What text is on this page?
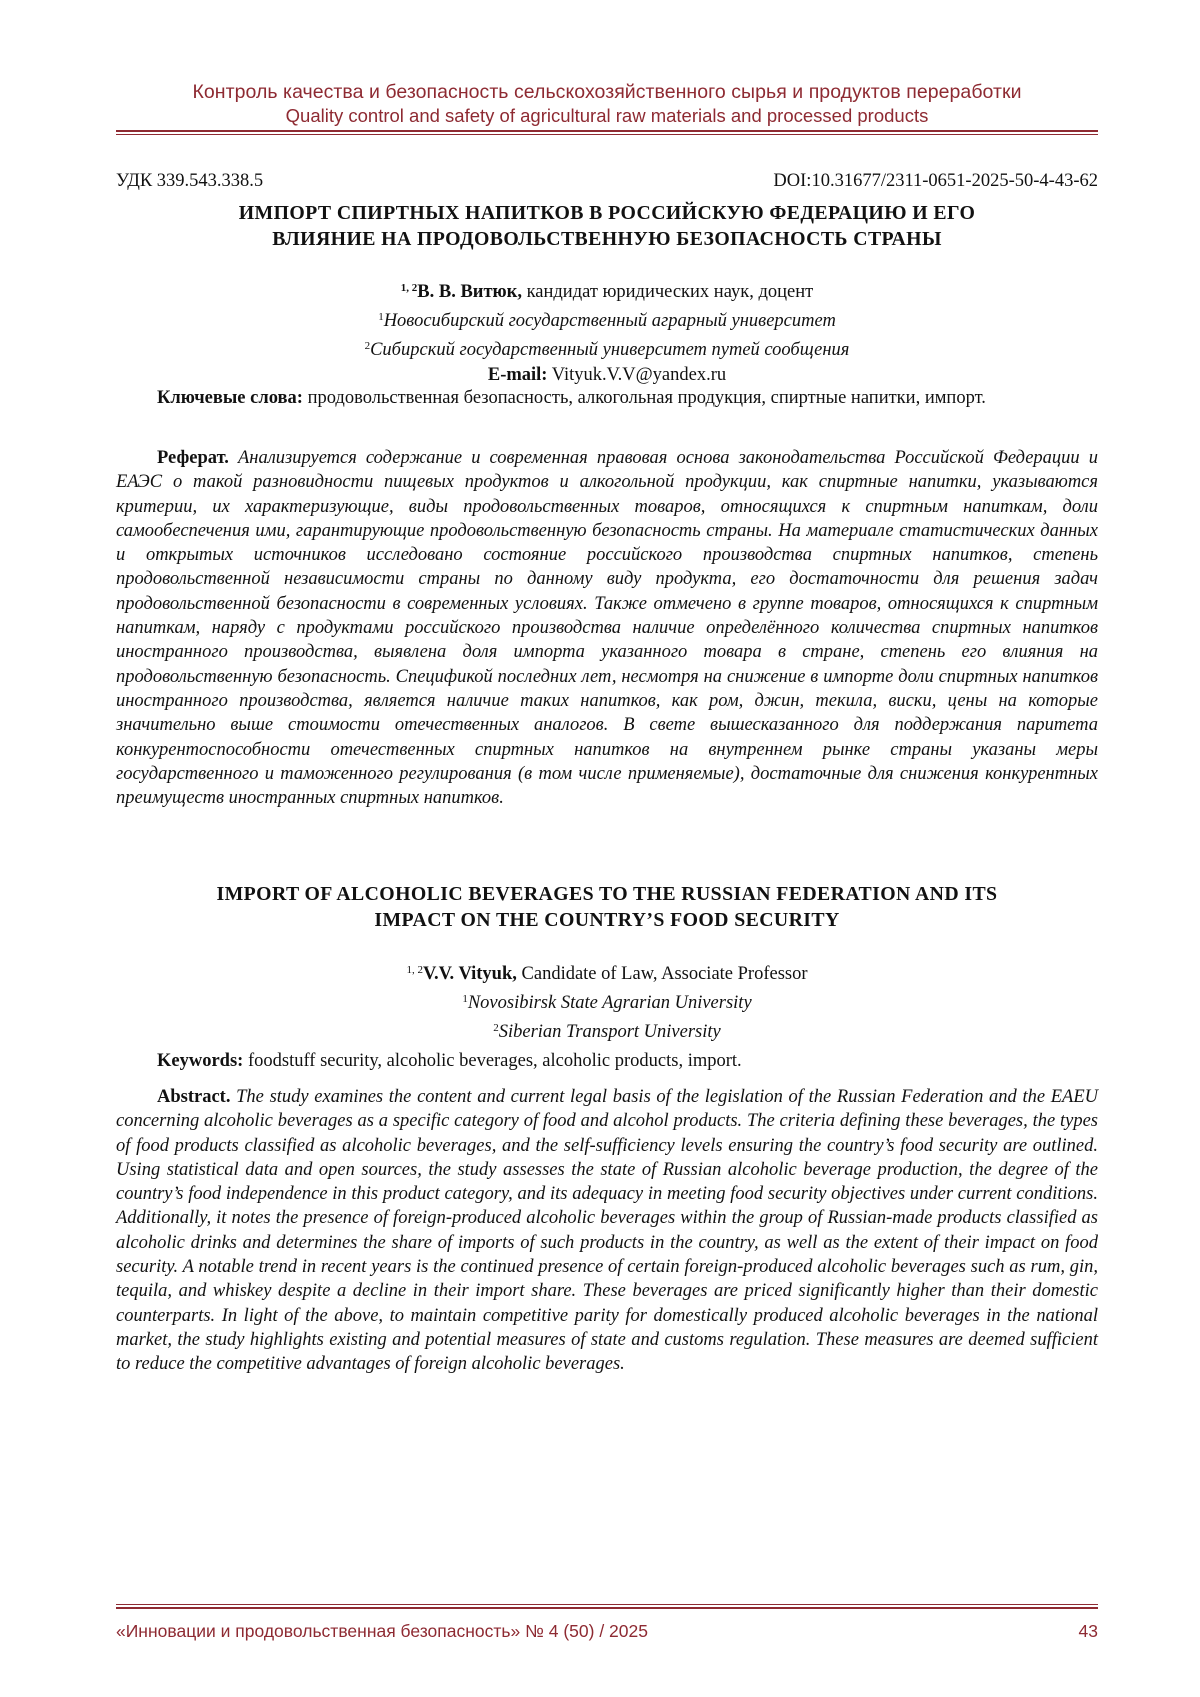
Контроль качества и безопасность сельскохозяйственного сырья и продуктов переработки
Quality control and safety of agricultural raw materials and processed products
УДК 339.543.338.5	DOI:10.31677/2311-0651-2025-50-4-43-62
ИМПОРТ СПИРТНЫХ НАПИТКОВ В РОССИЙСКУЮ ФЕДЕРАЦИЮ И ЕГО
ВЛИЯНИЕ НА ПРОДОВОЛЬСТВЕННУЮ БЕЗОПАСНОСТЬ СТРАНЫ
$^{1, 2}$В. В. Витюк, кандидат юридических наук, доцент
$^1$Новосибирский государственный аграрный университет
$^2$Сибирский государственный университет путей сообщения
E-mail: Vityuk.V.V@yandex.ru
Ключевые слова: продовольственная безопасность, алкогольная продукция, спиртные напитки, импорт.
Реферат. Анализируется содержание и современная правовая основа законодательства Российской Федерации и ЕАЭС о такой разновидности пищевых продуктов и алкогольной продукции, как спиртные напитки, указываются критерии, их характеризующие, виды продовольственных товаров, относящихся к спиртным напиткам, доли самообеспечения ими, гарантирующие продовольственную безопасность страны. На материале статистических данных и открытых источников исследовано состояние российского производства спиртных напитков, степень продовольственной независимости страны по данному виду продукта, его достаточности для решения задач продовольственной безопасности в современных условиях. Также отмечено в группе товаров, относящихся к спиртным напиткам, наряду с продуктами российского производства наличие определённого количества спиртных напитков иностранного производства, выявлена доля импорта указанного товара в стране, степень его влияния на продовольственную безопасность. Спецификой последних лет, несмотря на снижение в импорте доли спиртных напитков иностранного производства, является наличие таких напитков, как ром, джин, текила, виски, цены на которые значительно выше стоимости отечественных аналогов. В свете вышесказанного для поддержания паритета конкурентоспособности отечественных спиртных напитков на внутреннем рынке страны указаны меры государственного и таможенного регулирования (в том числе применяемые), достаточные для снижения конкурентных преимуществ иностранных спиртных напитков.
IMPORT OF ALCOHOLIC BEVERAGES TO THE RUSSIAN FEDERATION AND ITS
IMPACT ON THE COUNTRY’S FOOD SECURITY
$^{1, 2}$V.V. Vityuk, Candidate of Law, Associate Professor
$^1$Novosibirsk State Agrarian University
$^2$Siberian Transport University
Keywords: foodstuff security, alcoholic beverages, alcoholic products, import.
Abstract. The study examines the content and current legal basis of the legislation of the Russian Federation and the EAEU concerning alcoholic beverages as a specific category of food and alcohol products. The criteria defining these beverages, the types of food products classified as alcoholic beverages, and the self-sufficiency levels ensuring the country’s food security are outlined. Using statistical data and open sources, the study assesses the state of Russian alcoholic beverage production, the degree of the country’s food independence in this product category, and its adequacy in meeting food security objectives under current conditions. Additionally, it notes the presence of foreign-produced alcoholic beverages within the group of Russian-made products classified as alcoholic drinks and determines the share of imports of such products in the country, as well as the extent of their impact on food security. A notable trend in recent years is the continued presence of certain foreign-produced alcoholic beverages such as rum, gin, tequila, and whiskey despite a decline in their import share. These beverages are priced significantly higher than their domestic counterparts. In light of the above, to maintain competitive parity for domestically produced alcoholic beverages in the national market, the study highlights existing and potential measures of state and customs regulation. These measures are deemed sufficient to reduce the competitive advantages of foreign alcoholic beverages.
«Инновации и продовольственная безопасность» № 4 (50) / 2025	43
